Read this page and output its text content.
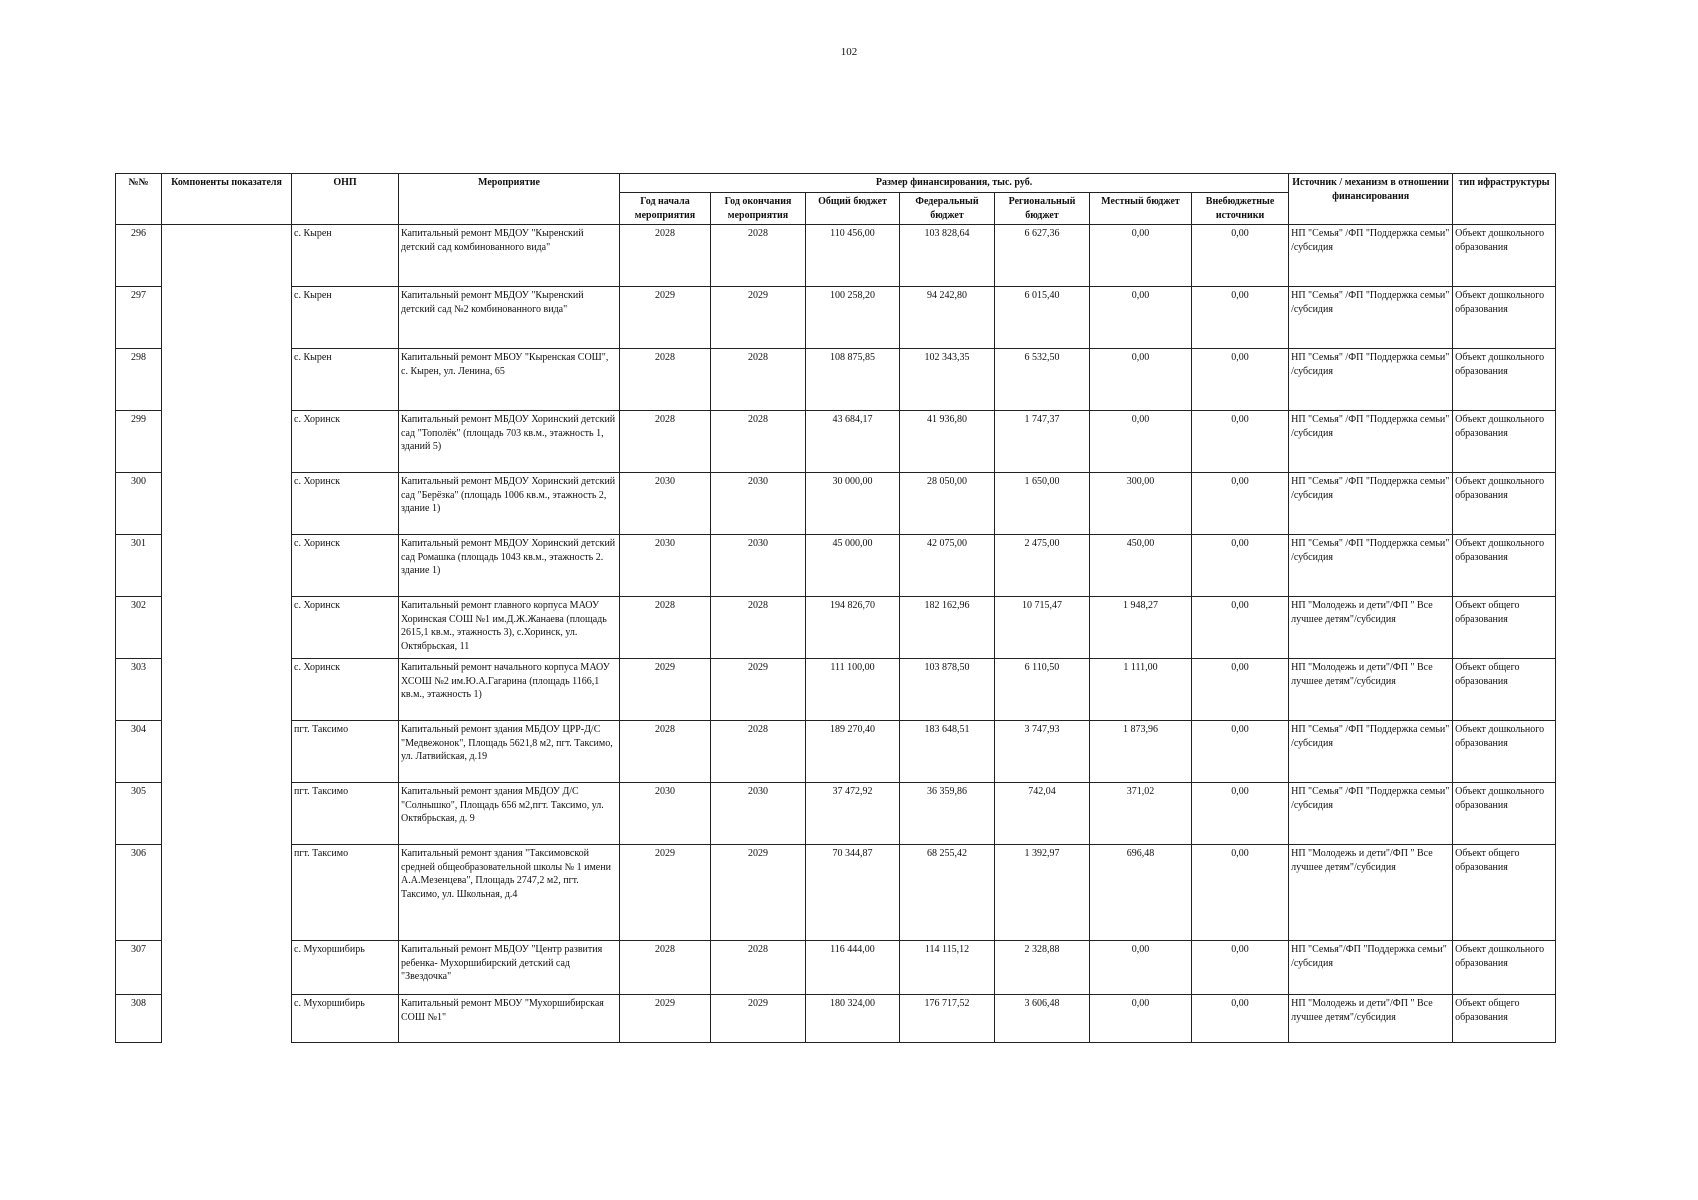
102
№№	Компоненты показателя	ОНП	Мероприятие	Размер финансирования, тыс. руб.							Источник / механизм в отношении финансирования	тип ифраструктуры
				Год начала мероприятия	Год окончания мероприятия	Общий бюджет	Федеральный бюджет	Региональный бюджет	Местный бюджет	Внебюджетные источники		
296		с. Кырен	Капитальный ремонт МБДОУ "Кыренский детский сад комбинованного вида"	2028	2028	110 456,00	103 828,64	6 627,36	0,00	0,00	НП "Семья" /ФП "Поддержка семьи" /субсидия	Объект дошкольного образования
297		с. Кырен	Капитальный ремонт МБДОУ "Кыренский детский сад №2 комбинованного вида"	2029	2029	100 258,20	94 242,80	6 015,40	0,00	0,00	НП "Семья" /ФП "Поддержка семьи" /субсидия	Объект дошкольного образования
298		с. Кырен	Капитальный ремонт МБОУ "Кыренская СОШ", с. Кырен, ул. Ленина, 65	2028	2028	108 875,85	102 343,35	6 532,50	0,00	0,00	НП "Семья" /ФП "Поддержка семьи" /субсидия	Объект дошкольного образования
299		с. Хоринск	Капитальный ремонт МБДОУ Хоринский детский сад "Тополёк" (площадь 703 кв.м., этажность 1, зданий 5)	2028	2028	43 684,17	41 936,80	1 747,37	0,00	0,00	НП "Семья" /ФП "Поддержка семьи" /субсидия	Объект дошкольного образования
300		с. Хоринск	Капитальный ремонт МБДОУ Хоринский детский сад "Берёзка" (площадь 1006 кв.м., этажность 2, здание 1)	2030	2030	30 000,00	28 050,00	1 650,00	300,00	0,00	НП "Семья" /ФП "Поддержка семьи" /субсидия	Объект дошкольного образования
301		с. Хоринск	Капитальный ремонт МБДОУ Хоринский детский сад Ромашка (площадь 1043 кв.м., этажность 2. здание 1)	2030	2030	45 000,00	42 075,00	2 475,00	450,00	0,00	НП "Семья" /ФП "Поддержка семьи" /субсидия	Объект дошкольного образования
302		с. Хоринск	Капитальный ремонт главного корпуса МАОУ Хоринская СОШ №1 им.Д.Ж.Жанаева (площадь 2615,1 кв.м., этажность 3), с.Хоринск, ул. Октябрьская, 11	2028	2028	194 826,70	182 162,96	10 715,47	1 948,27	0,00	НП "Молодежь и дети"/ФП " Все лучшее детям"/субсидия	Объект общего образования
303		с. Хоринск	Капитальный ремонт начального корпуса МАОУ ХСОШ №2 им.Ю.А.Гагарина (площадь 1166,1 кв.м., этажность 1)	2029	2029	111 100,00	103 878,50	6 110,50	1 111,00	0,00	НП "Молодежь и дети"/ФП " Все лучшее детям"/субсидия	Объект общего образования
304		пгт. Таксимо	Капитальный ремонт здания МБДОУ ЦРР-Д/С "Медвежонок", Площадь 5621,8 м2, пгт. Таксимо, ул. Латвийская, д.19	2028	2028	189 270,40	183 648,51	3 747,93	1 873,96	0,00	НП "Семья" /ФП "Поддержка семьи" /субсидия	Объект дошкольного образования
305		пгт. Таксимо	Капитальный ремонт здания МБДОУ Д/С "Солнышко", Площадь 656 м2,пгт. Таксимо, ул. Октябрьская, д. 9	2030	2030	37 472,92	36 359,86	742,04	371,02	0,00	НП "Семья" /ФП "Поддержка семьи" /субсидия	Объект дошкольного образования
306		пгт. Таксимо	Капитальный ремонт здания "Таксимовской средней общеобразовательной школы № 1 имени А.А.Мезенцева", Площадь 2747,2 м2, пгт. Таксимо, ул. Школьная, д.4	2029	2029	70 344,87	68 255,42	1 392,97	696,48	0,00	НП "Молодежь и дети"/ФП " Все лучшее детям"/субсидия	Объект общего образования
307		с. Мухоршибирь	Капитальный ремонт МБДОУ "Центр развития ребенка- Мухоршибирский детский сад "Звездочка"	2028	2028	116 444,00	114 115,12	2 328,88	0,00	0,00	НП "Семья"/ФП "Поддержка семьи" /субсидия	Объект дошкольного образования
308		с. Мухоршибирь	Капитальный ремонт МБОУ "Мухоршибирская СОШ №1"	2029	2029	180 324,00	176 717,52	3 606,48	0,00	0,00	НП "Молодежь и дети"/ФП " Все лучшее детям"/субсидия	Объект общего образования
